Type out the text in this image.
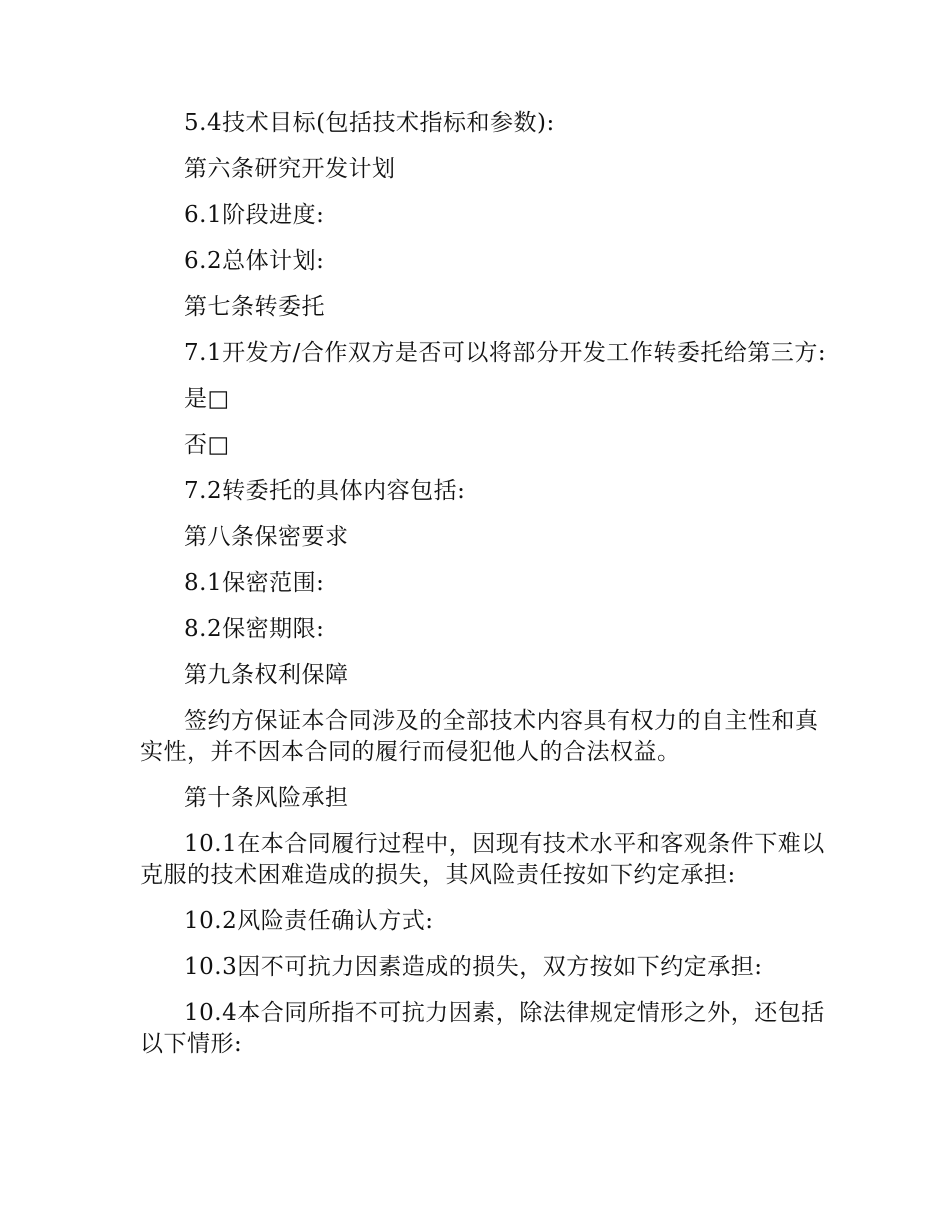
5.4技术目标(包括技术指标和参数):

第六条研究开发计划

6.1阶段进度:

6.2总体计划:

第七条转委托

7.1开发方/合作双方是否可以将部分开发工作转委托给第三方:

是□

否□

7.2转委托的具体内容包括:

第八条保密要求

8.1保密范围:

8.2保密期限:

第九条权利保障

签约方保证本合同涉及的全部技术内容具有权力的自主性和真实性，并不因本合同的履行而侵犯他人的合法权益。

第十条风险承担

10.1在本合同履行过程中，因现有技术水平和客观条件下难以克服的技术困难造成的损失，其风险责任按如下约定承担:

10.2风险责任确认方式:

10.3因不可抗力因素造成的损失，双方按如下约定承担:

10.4本合同所指不可抗力因素，除法律规定情形之外，还包括以下情形:
